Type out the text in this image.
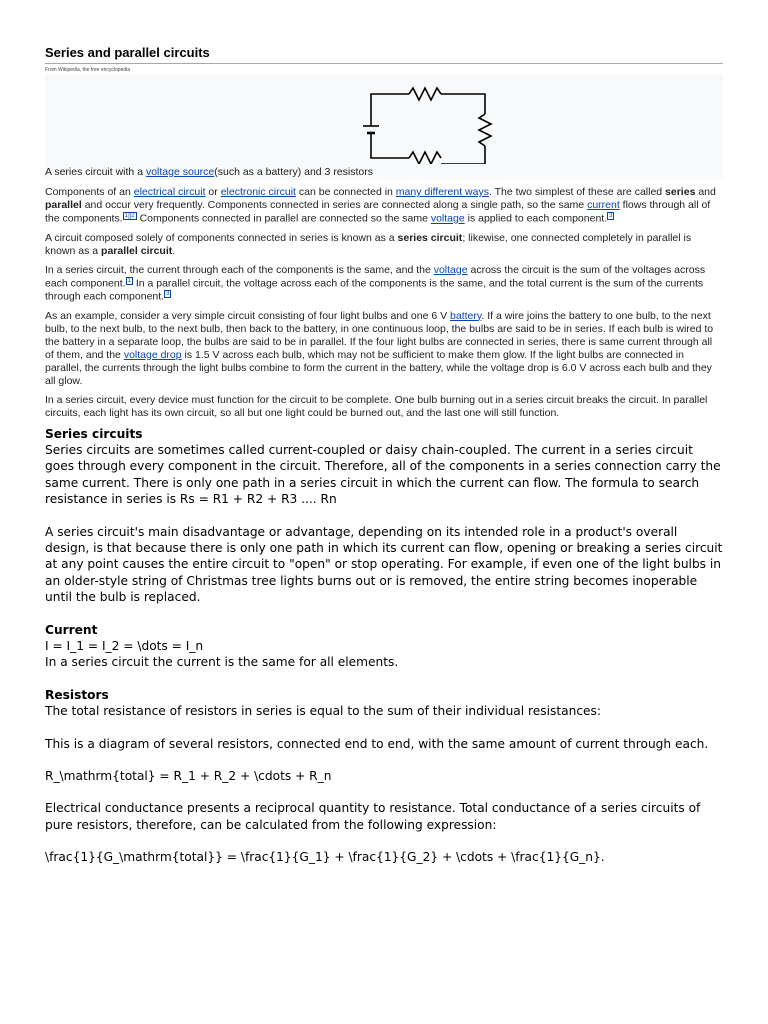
Series and parallel circuits

From Wikipedia, the free encyclopedia

A series circuit with a voltage source(such as a battery) and 3 resistors

Components of an electrical circuit or electronic circuit can be connected in many different ways. The two simplest of these are called series and parallel and occur very frequently. Components connected in series are connected along a single path, so the same current flows through all of the components. $^{1][2}$ Components connected in parallel are connected so the same voltage is applied to each component. $^3$

A circuit composed solely of components connected in series is known as a series circuit; likewise, one connected completely in parallel is known as a parallel circuit.

In a series circuit, the current through each of the components is the same, and the voltage across the circuit is the sum of the voltages across each component. $^1$ In a parallel circuit, the voltage across each of the components is the same, and the total current is the sum of the currents through each component. $^3$

As an example, consider a very simple circuit consisting of four light bulbs and one 6 V battery. If a wire joins the battery to one bulb, to the next bulb, to the next bulb, to the next bulb, then back to the battery, in one continuous loop, the bulbs are said to be in series. If each bulb is wired to the battery in a separate loop, the bulbs are said to be in parallel. If the four light bulbs are connected in series, there is same current through all of them, and the voltage drop is 1.5 V across each bulb, which may not be sufficient to make them glow. If the light bulbs are connected in parallel, the currents through the light bulbs combine to form the current in the battery, while the voltage drop is 6.0 V across each bulb and they all glow.

In a series circuit, every device must function for the circuit to be complete. One bulb burning out in a series circuit breaks the circuit. In parallel circuits, each light has its own circuit, so all but one light could be burned out, and the last one will still function.

Series circuits

Series circuits are sometimes called current-coupled or daisy chain-coupled. The current in a series circuit goes through every component in the circuit. Therefore, all of the components in a series connection carry the same current. There is only one path in a series circuit in which the current can flow. The formula to search resistance in series is Rs = R1 + R2 + R3 .... Rn

A series circuit's main disadvantage or advantage, depending on its intended role in a product's overall design, is that because there is only one path in which its current can flow, opening or breaking a series circuit at any point causes the entire circuit to "open" or stop operating. For example, if even one of the light bulbs in an older-style string of Christmas tree lights burns out or is removed, the entire string becomes inoperable until the bulb is replaced.

Current

I = I_1 = I_2 = \dots = I_n

In a series circuit the current is the same for all elements.

Resistors

The total resistance of resistors in series is equal to the sum of their individual resistances:

This is a diagram of several resistors, connected end to end, with the same amount of current through each.

R_\mathrm{total} = R_1 + R_2 + \cdots + R_n

Electrical conductance presents a reciprocal quantity to resistance. Total conductance of a series circuits of pure resistors, therefore, can be calculated from the following expression:

\frac{1}{G_\mathrm{total}} = \frac{1}{G_1} + \frac{1}{G_2} + \cdots + \frac{1}{G_n}.
